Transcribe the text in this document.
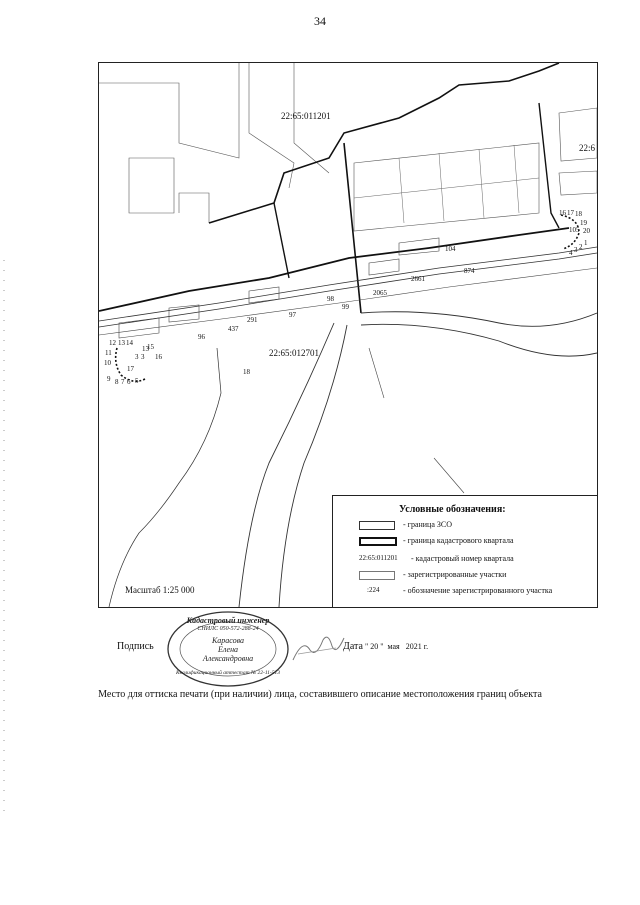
34
22:65:011201
22:65:012701
22:6
104
2661
874
2065
98
99
97
291
437
96
18
105
12 13 14
11
10
15
16
17
9 8 7 6 5
3 3
13
16 17 18
19
20
1
2
3
4
Масштаб 1:25 000
Условные обозначения:
- граница ЗСО
- граница кадастрового квартала
22:65:011201 - кадастровый номер квартала
- зарегистрированные участки
:224	- обозначение зарегистрированного участка
Подпись
Кадастровый инженер
СНИЛС 050-572-288-24
Карасова
Елена
Александровна
Квалификационный аттестат № 22-11-513
Дата " 20 " мая 2021 г.
Место для оттиска печати (при наличии) лица, составившего описание местоположения границ объекта
